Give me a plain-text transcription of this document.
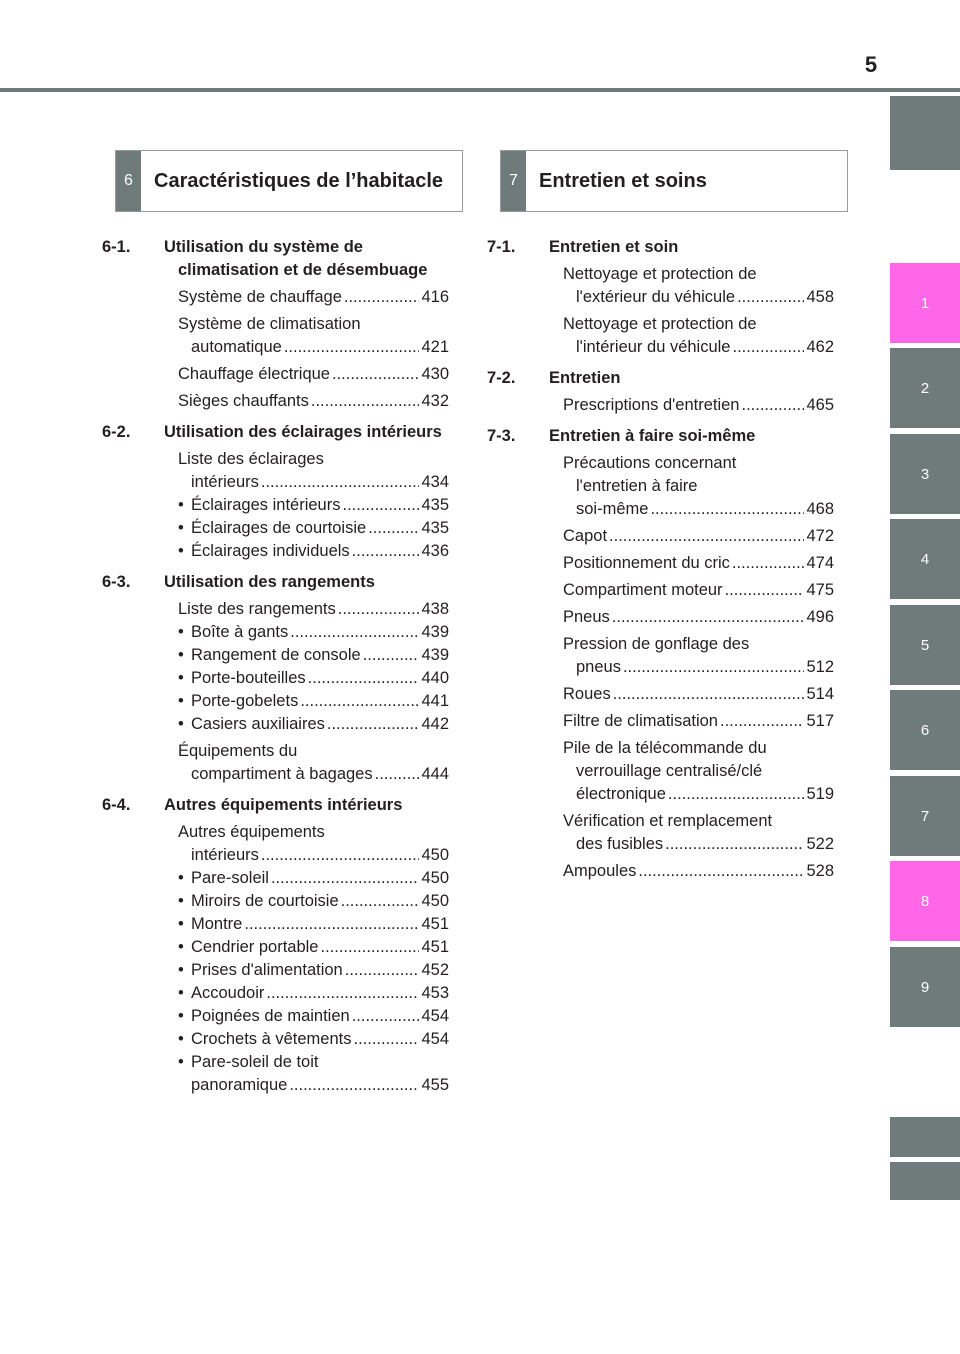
5
1
2
3
4
5
6
7
8
9
6	Caractéristiques de l’habitacle	7	Entretien et soins
6-1. Utilisation du système de climatisation et de désembuage
Système de chauffage .....	416
Système de climatisation
automatique .....	421
Chauffage électrique .....	430
Sièges chauffants .....	432
6-2. Utilisation des éclairages intérieurs
Liste des éclairages
intérieurs .....	434
• Éclairages intérieurs .....	435
• Éclairages de courtoisie .....	435
• Éclairages individuels .....	436
6-3. Utilisation des rangements
Liste des rangements .....	438
• Boîte à gants .....	439
• Rangement de console .....	439
• Porte-bouteilles .....	440
• Porte-gobelets .....	441
• Casiers auxiliaires .....	442
Équipements du
compartiment à bagages .....	444
6-4. Autres équipements intérieurs
Autres équipements
intérieurs .....	450
• Pare-soleil .....	450
• Miroirs de courtoisie .....	450
• Montre .....	451
• Cendrier portable .....	451
• Prises d'alimentation .....	452
• Accoudoir .....	453
• Poignées de maintien .....	454
• Crochets à vêtements .....	454
• Pare-soleil de toit
panoramique .....	455
7-1. Entretien et soin
Nettoyage et protection de
l'extérieur du véhicule .....	458
Nettoyage et protection de
l'intérieur du véhicule .....	462
7-2. Entretien
Prescriptions d'entretien .....	465
7-3. Entretien à faire soi-même
Précautions concernant
l'entretien à faire
soi-même .....	468
Capot .....	472
Positionnement du cric .....	474
Compartiment moteur .....	475
Pneus .....	496
Pression de gonflage des
pneus .....	512
Roues .....	514
Filtre de climatisation .....	517
Pile de la télécommande du
verrouillage centralisé/clé
électronique .....	519
Vérification et remplacement
des fusibles .....	522
Ampoules .....	528
